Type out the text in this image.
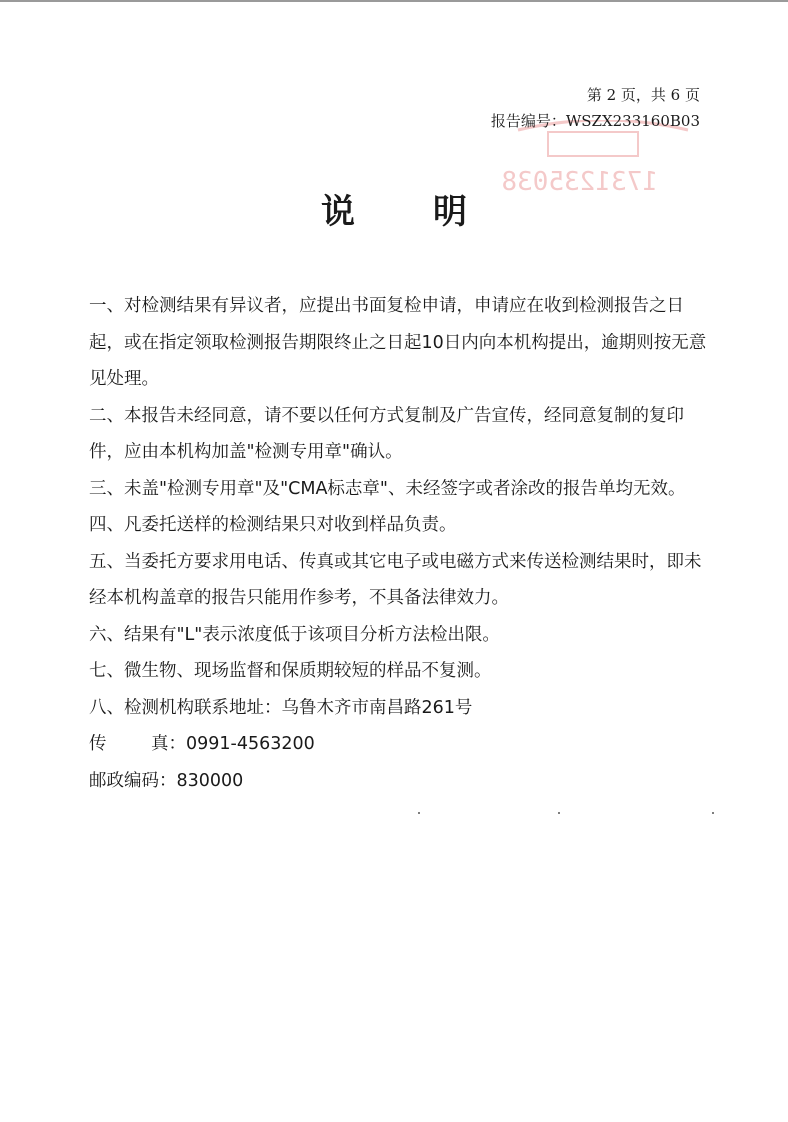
1731235038
第 2 页，共 6 页
报告编号：WSZX233160B03
说明

一、对检测结果有异议者，应提出书面复检申请，申请应在收到检测报告之日起，或在指定领取检测报告期限终止之日起10日内向本机构提出，逾期则按无意见处理。

二、本报告未经同意，请不要以任何方式复制及广告宣传，经同意复制的复印件，应由本机构加盖"检测专用章"确认。

三、未盖"检测专用章"及"CMA标志章"、未经签字或者涂改的报告单均无效。

四、凡委托送样的检测结果只对收到样品负责。

五、当委托方要求用电话、传真或其它电子或电磁方式来传送检测结果时，即未经本机构盖章的报告只能用作参考，不具备法律效力。

六、结果有"L"表示浓度低于该项目分析方法检出限。

七、微生物、现场监督和保质期较短的样品不复测。

八、检测机构联系地址：乌鲁木齐市南昌路261号

传        真：0991-4563200

邮政编码：830000
